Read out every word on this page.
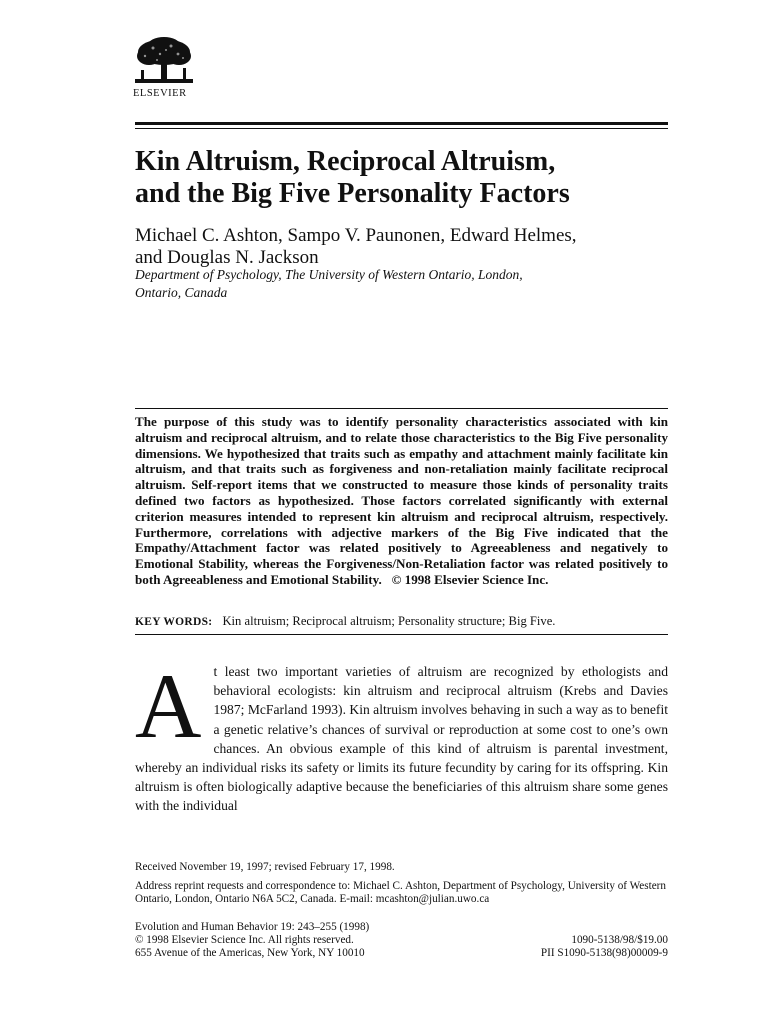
ELSEVIER
Kin Altruism, Reciprocal Altruism,
and the Big Five Personality Factors
Michael C. Ashton, Sampo V. Paunonen, Edward Helmes,
and Douglas N. Jackson
Department of Psychology, The University of Western Ontario, London,
Ontario, Canada
The purpose of this study was to identify personality characteristics associated with kin altruism and reciprocal altruism, and to relate those characteristics to the Big Five personality dimensions. We hypothesized that traits such as empathy and attachment mainly facilitate kin altruism, and that traits such as forgiveness and non-retaliation mainly facilitate reciprocal altruism. Self-report items that we constructed to measure those kinds of personality traits defined two factors as hypothesized. Those factors correlated significantly with external criterion measures intended to represent kin altruism and reciprocal altruism, respectively. Furthermore, correlations with adjective markers of the Big Five indicated that the Empathy/Attachment factor was related positively to Agreeableness and negatively to Emotional Stability, whereas the Forgiveness/Non-Retaliation factor was related positively to both Agreeableness and Emotional Stability. © 1998 Elsevier Science Inc.
KEY WORDS: Kin altruism; Reciprocal altruism; Personality structure; Big Five.
At least two important varieties of altruism are recognized by ethologists and behavioral ecologists: kin altruism and reciprocal altruism (Krebs and Davies 1987; McFarland 1993). Kin altruism involves behaving in such a way as to benefit a genetic relative’s chances of survival or reproduction at some cost to one’s own chances. An obvious example of this kind of altruism is parental investment, whereby an individual risks its safety or limits its future fecundity by caring for its offspring. Kin altruism is often biologically adaptive because the beneficiaries of this altruism share some genes with the individual
Received November 19, 1997; revised February 17, 1998.
Address reprint requests and correspondence to: Michael C. Ashton, Department of Psychology, University of Western Ontario, London, Ontario N6A 5C2, Canada. E-mail: mcashton@julian.uwo.ca
Evolution and Human Behavior 19: 243–255 (1998)
© 1998 Elsevier Science Inc. All rights reserved.	1090-5138/98/$19.00
655 Avenue of the Americas, New York, NY 10010	PII S1090-5138(98)00009-9
